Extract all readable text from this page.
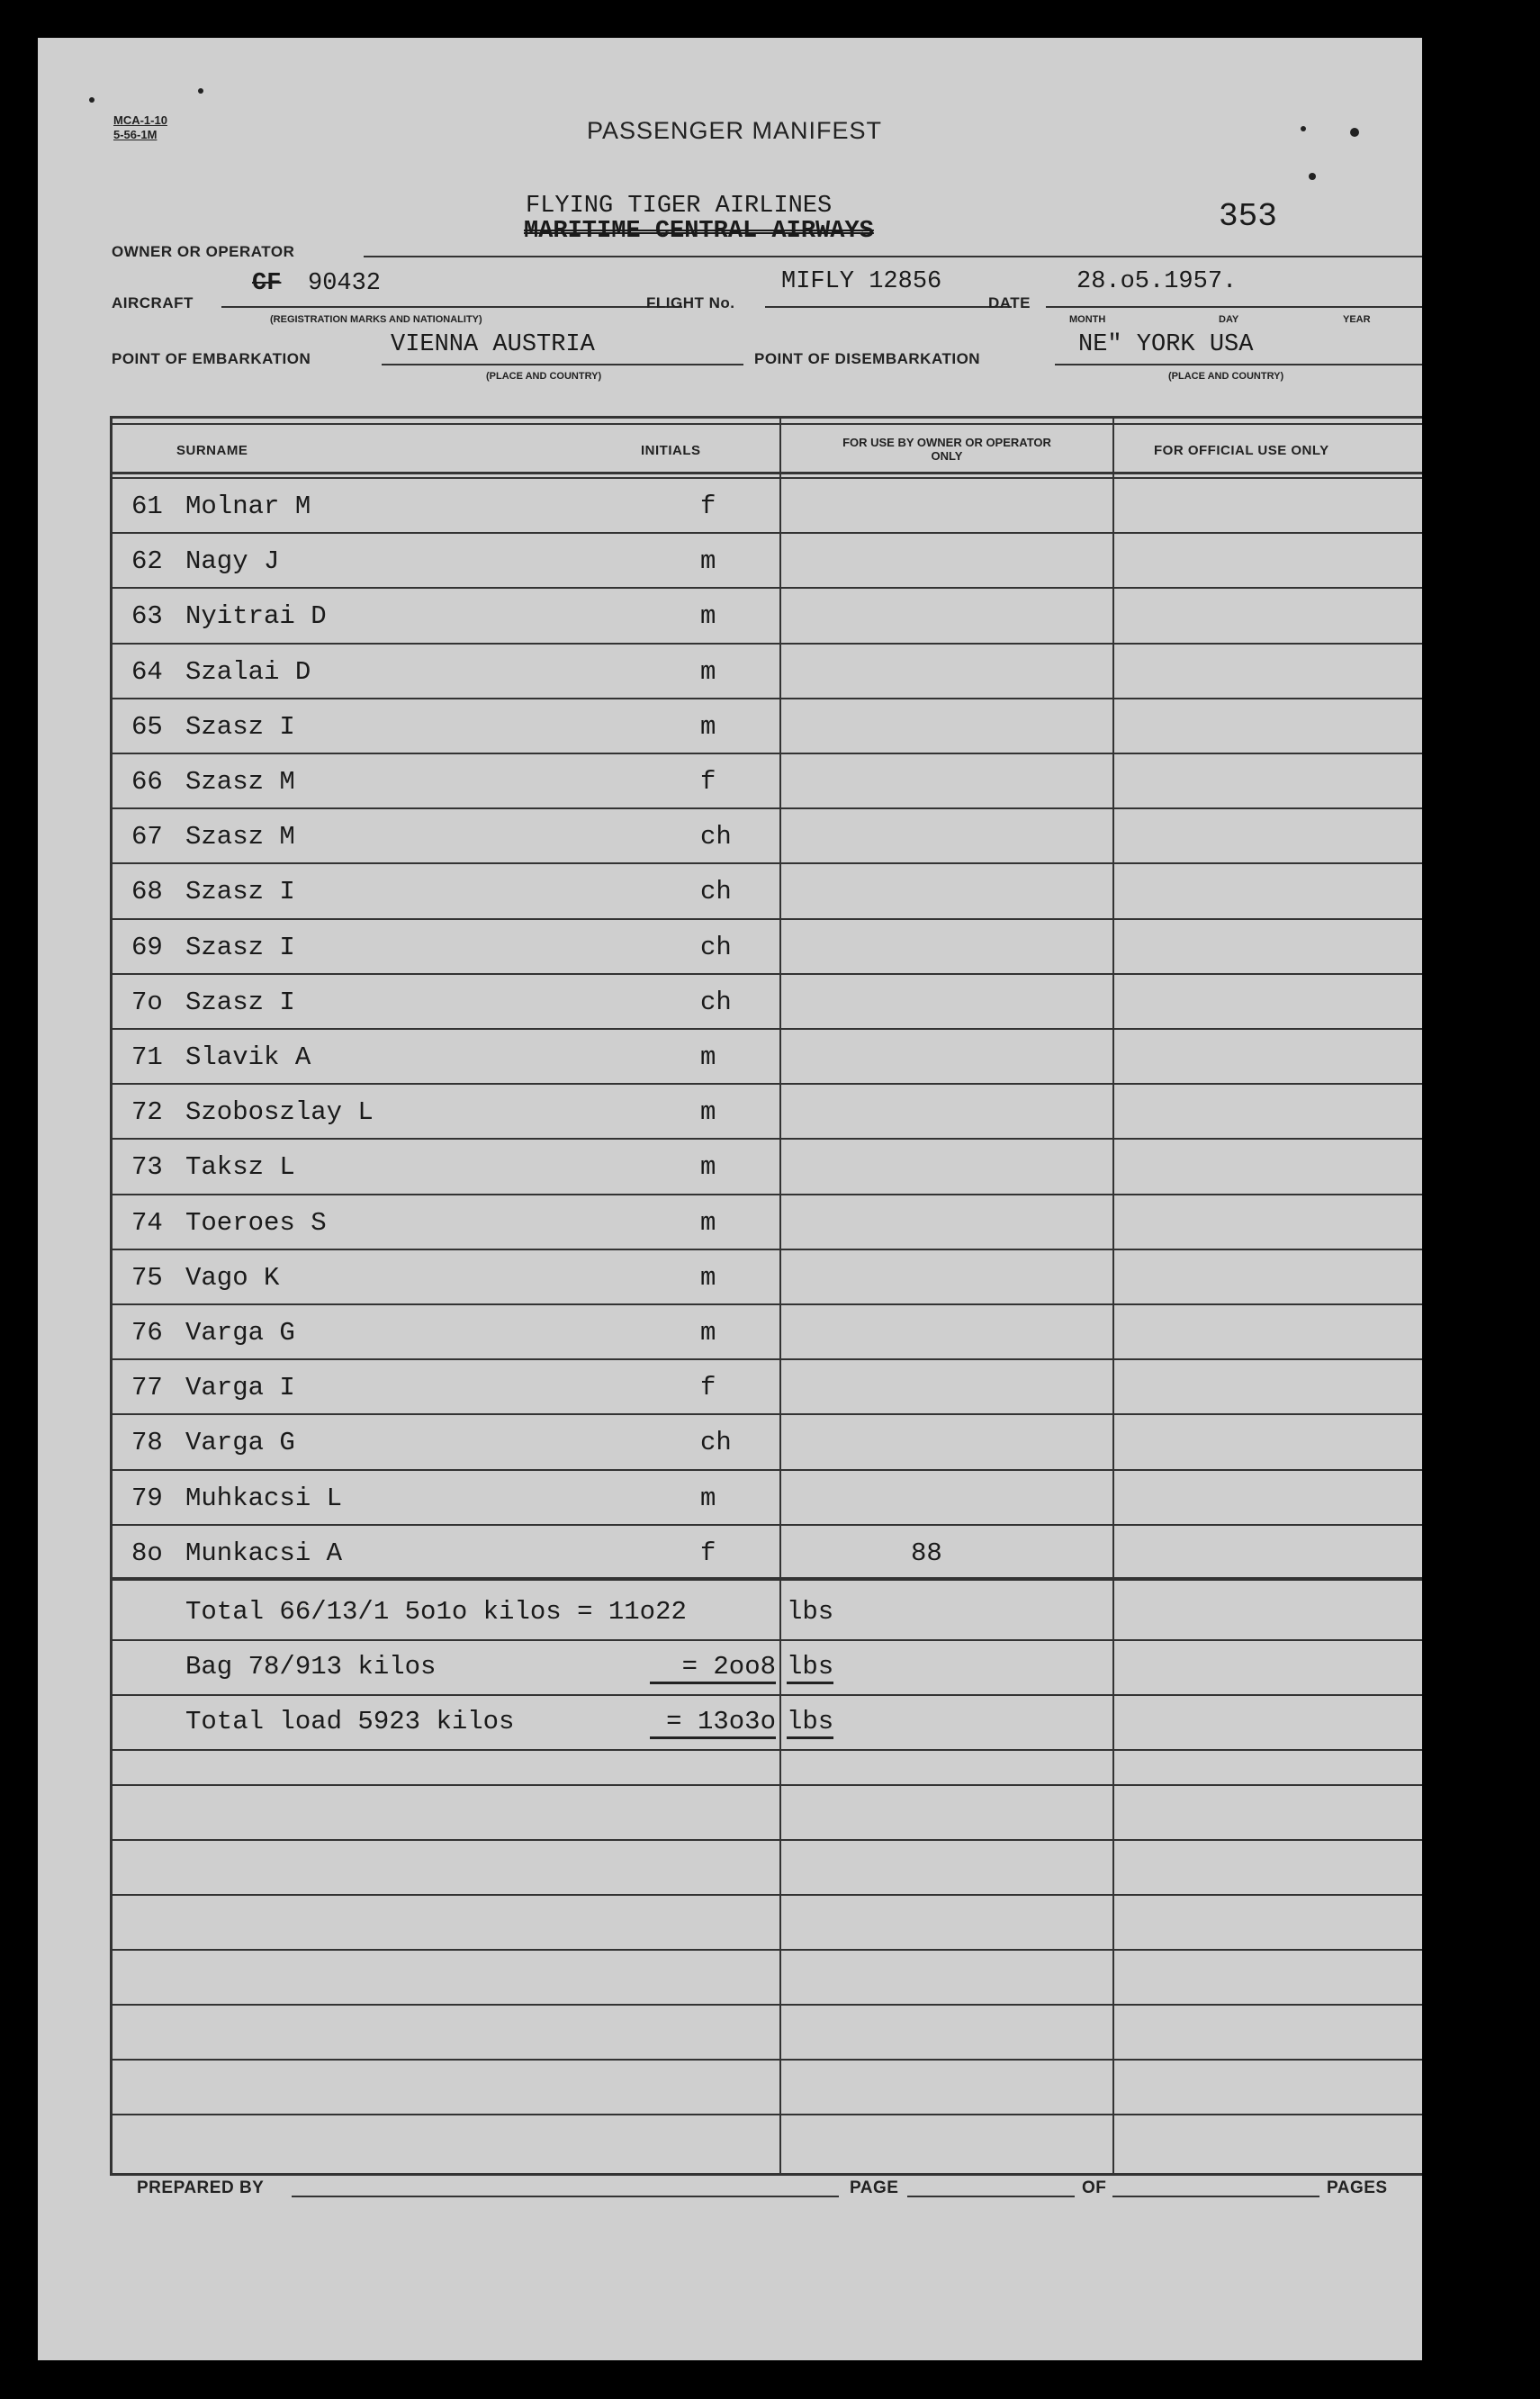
MCA-1-10
5-56-1M	PASSENGER MANIFEST
353
FLYING TIGER AIRLINES
MARITIME CENTRAL AIRWAYS
OWNER OR OPERATOR
AIRCRAFT
CF 90432
(REGISTRATION MARKS AND NATIONALITY)
FLIGHT No.
MIFLY 12856
DATE
28.o5.1957.
MONTH	DAY	YEAR
POINT OF EMBARKATION
VIENNA AUSTRIA
(PLACE AND COUNTRY)
POINT OF DISEMBARKATION
NE" YORK USA
(PLACE AND COUNTRY)
SURNAME	INITIALS
FOR USE BY OWNER OR OPERATOR ONLY	FOR OFFICIAL USE ONLY
61 Molnar M	f
62 Nagy J	m
63 Nyitrai D	m
64 Szalai D	m
65 Szasz I	m
66 Szasz M	f
67 Szasz M	ch
68 Szasz I	ch
69 Szasz I	ch
7o Szasz I	ch
71 Slavik A	m
72 Szoboszlay L	m
73 Taksz L	m
74 Toeroes S	m
75 Vago K	m
76 Varga G	m
77 Varga I	f
78 Varga G	ch
79 Muhkacsi L	m
8o Munkacsi A	f	88
Total 66/13/1 5o1o kilos = 11o22	lbs
Bag 78/913 kilos	= 2oo8 lbs
Total load 5923 kilos	= 13o3o lbs
PREPARED BY	PAGE	OF	PAGES
